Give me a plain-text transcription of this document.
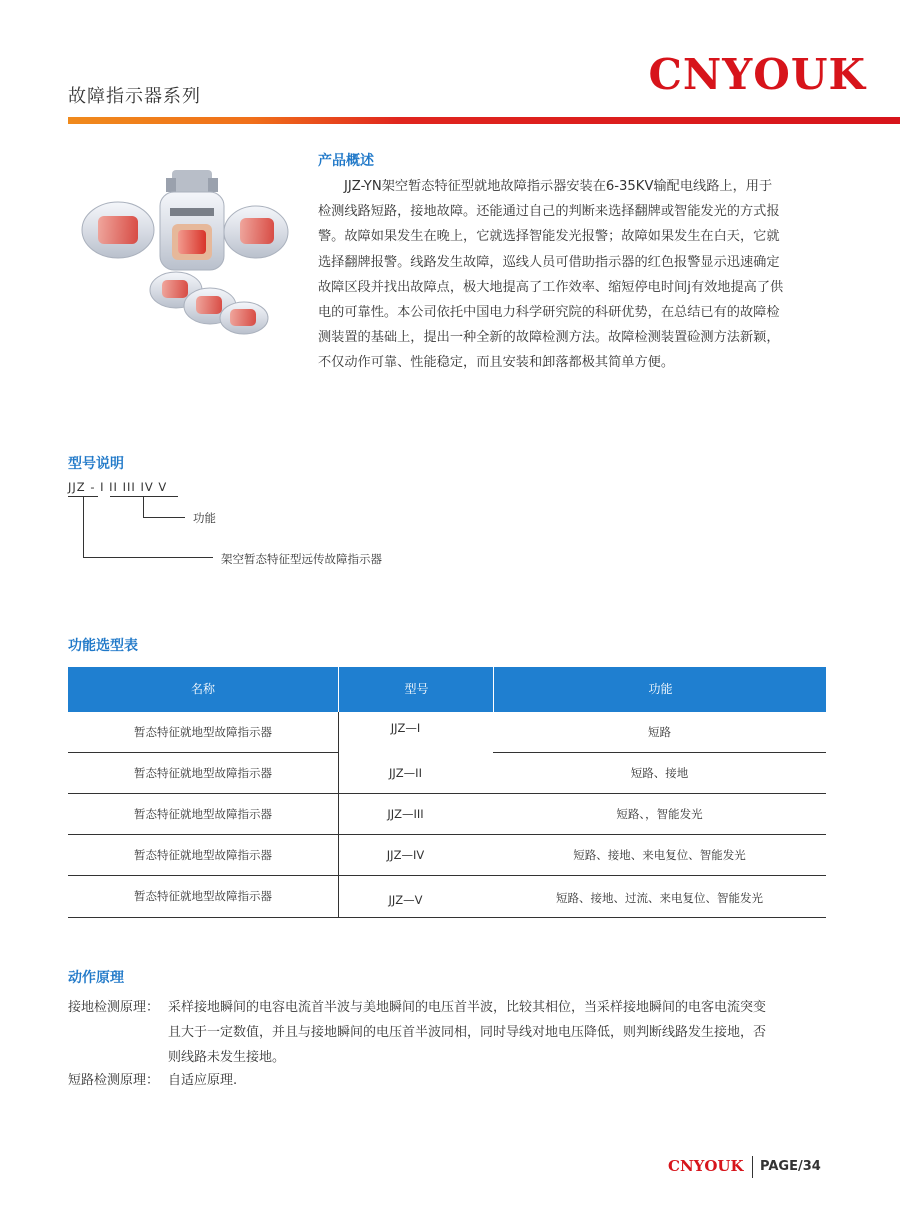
故障指示器系列	CNYOUK
产品概述
JJZ-YN架空暂态特征型就地故障指示器安装在6-35KV输配电线路上，用于
检测线路短路，接地故障。还能通过自己的判断来选择翻牌或智能发光的方式报
警。故障如果发生在晚上，它就选择智能发光报警；故障如果发生在白天，它就
选择翻牌报警。线路发生故障，巡线人员可借助指示器的红色报警显示迅速确定
故障区段并找出故障点，极大地提高了工作效率、缩短停电时间j有效地提高了供
电的可靠性。本公司依托中国电力科学研究院的科研优势，在总结已有的故障检
测装置的基础上，提出一种全新的故障检测方法。故障检测装置硷测方法新颖，
不仅动作可靠、性能稳定，而且安装和卸落都极其简单方便。
型号说明
JJZ - I II III IV V
功能
架空暂态特征型远传故障指示器
功能选型表
名称	型号	功能
暂态特征就地型故障指示器	JJZ—I	短路
暂态特征就地型故障指示器	JJZ—II	短路、接地
暂态特征就地型故障指示器	JJZ—III	短路、，智能发光
暂态特征就地型故障指示器	JJZ—IV	短路、接地、来电复位、智能发光
暂态特征就地型故障指示器	JJZ—V	短路、接地、过流、来电复位、智能发光
动作原理
接地检测原理： 采样接地瞬间的电容电流首半波与美地瞬间的电压首半波，比较其相位，当采样接地瞬间的电客电流突变
且大于一定数值，并且与接地瞬间的电压首半波同相，同时导线对地电压降低，则判断线路发生接地，否
则线路未发生接地。
短路检测原理： 自适应原理.
CNYOUK PAGE/34
